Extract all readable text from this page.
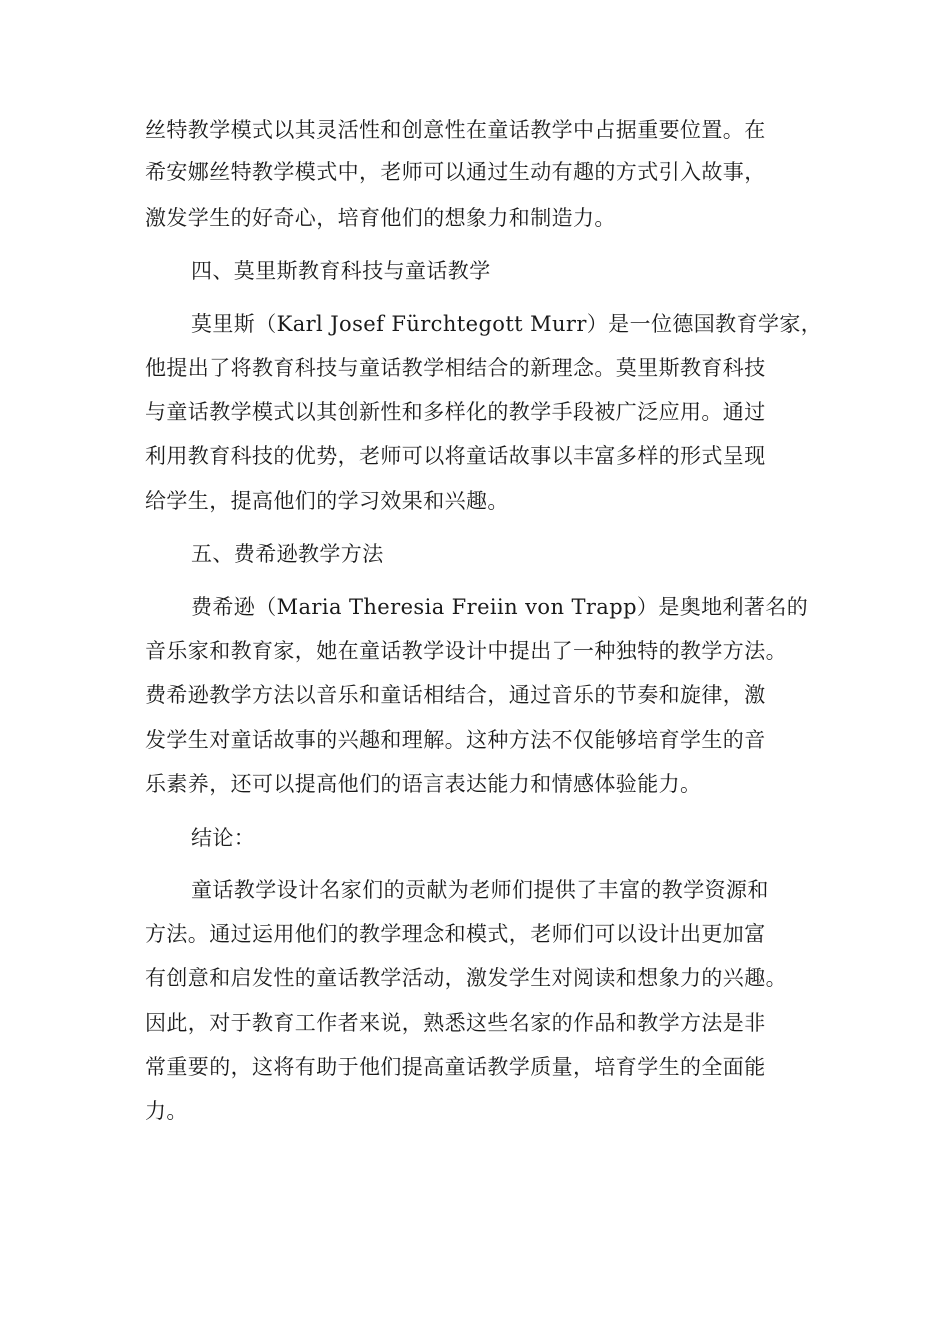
丝特教学模式以其灵活性和创意性在童话教学中占据重要位置。在
希安娜丝特教学模式中，老师可以通过生动有趣的方式引入故事，
激发学生的好奇心，培育他们的想象力和制造力。
四、莫里斯教育科技与童话教学
莫里斯（Karl Josef Fürchtegott Murr）是一位德国教育学家，
他提出了将教育科技与童话教学相结合的新理念。莫里斯教育科技
与童话教学模式以其创新性和多样化的教学手段被广泛应用。通过
利用教育科技的优势，老师可以将童话故事以丰富多样的形式呈现
给学生，提高他们的学习效果和兴趣。
五、费希逊教学方法
费希逊（Maria Theresia Freiin von Trapp）是奥地利著名的
音乐家和教育家，她在童话教学设计中提出了一种独特的教学方法。
费希逊教学方法以音乐和童话相结合，通过音乐的节奏和旋律，激
发学生对童话故事的兴趣和理解。这种方法不仅能够培育学生的音
乐素养，还可以提高他们的语言表达能力和情感体验能力。
结论：
童话教学设计名家们的贡献为老师们提供了丰富的教学资源和
方法。通过运用他们的教学理念和模式，老师们可以设计出更加富
有创意和启发性的童话教学活动，激发学生对阅读和想象力的兴趣。
因此，对于教育工作者来说，熟悉这些名家的作品和教学方法是非
常重要的，这将有助于他们提高童话教学质量，培育学生的全面能
力。
